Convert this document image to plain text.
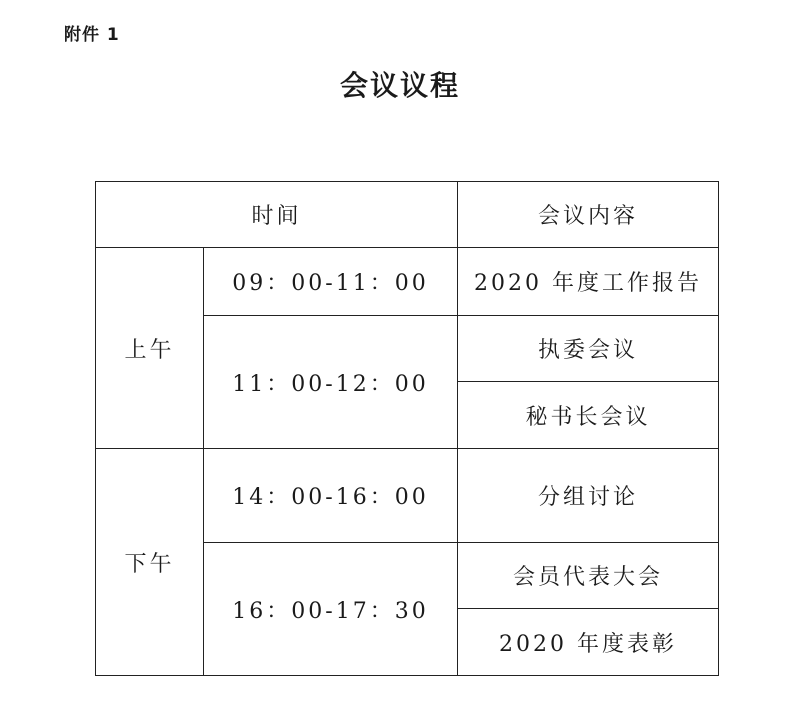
附件 1
会议议程
时间		会议内容
上午	09：00-11：00	2020 年度工作报告
	11：00-12：00	执委会议
		秘书长会议
下午	14：00-16：00	分组讨论
	16：00-17：30	会员代表大会
		2020 年度表彰
